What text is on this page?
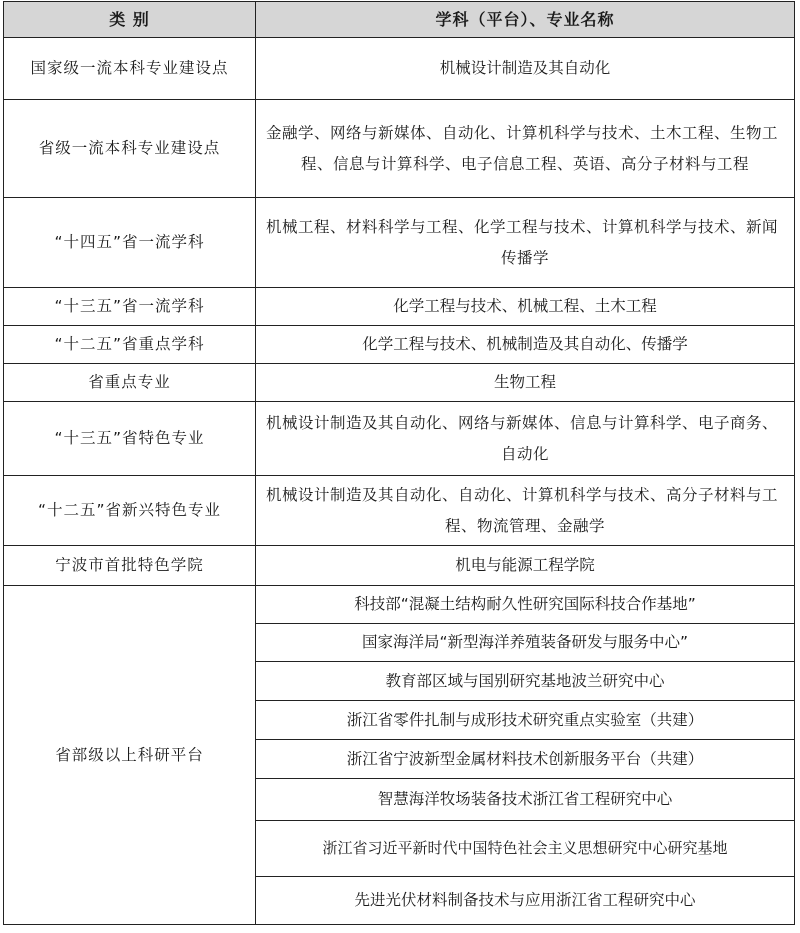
类 别	学科（平台）、专业名称
国家级一流本科专业建设点	机械设计制造及其自动化
省级一流本科专业建设点	金融学、网络与新媒体、自动化、计算机科学与技术、土木工程、生物工程、信息与计算科学、电子信息工程、英语、高分子材料与工程
“十四五”省一流学科	机械工程、材料科学与工程、化学工程与技术、计算机科学与技术、新闻传播学
“十三五”省一流学科	化学工程与技术、机械工程、土木工程
“十二五”省重点学科	化学工程与技术、机械制造及其自动化、传播学
省重点专业	生物工程
“十三五”省特色专业	机械设计制造及其自动化、网络与新媒体、信息与计算科学、电子商务、自动化
“十二五”省新兴特色专业	机械设计制造及其自动化、自动化、计算机科学与技术、高分子材料与工程、物流管理、金融学
宁波市首批特色学院	机电与能源工程学院
省部级以上科研平台	科技部“混凝土结构耐久性研究国际科技合作基地”
	国家海洋局“新型海洋养殖装备研发与服务中心”
	教育部区域与国别研究基地波兰研究中心
	浙江省零件扎制与成形技术研究重点实验室（共建）
	浙江省宁波新型金属材料技术创新服务平台（共建）
	智慧海洋牧场装备技术浙江省工程研究中心
	浙江省习近平新时代中国特色社会主义思想研究中心研究基地
	先进光伏材料制备技术与应用浙江省工程研究中心
